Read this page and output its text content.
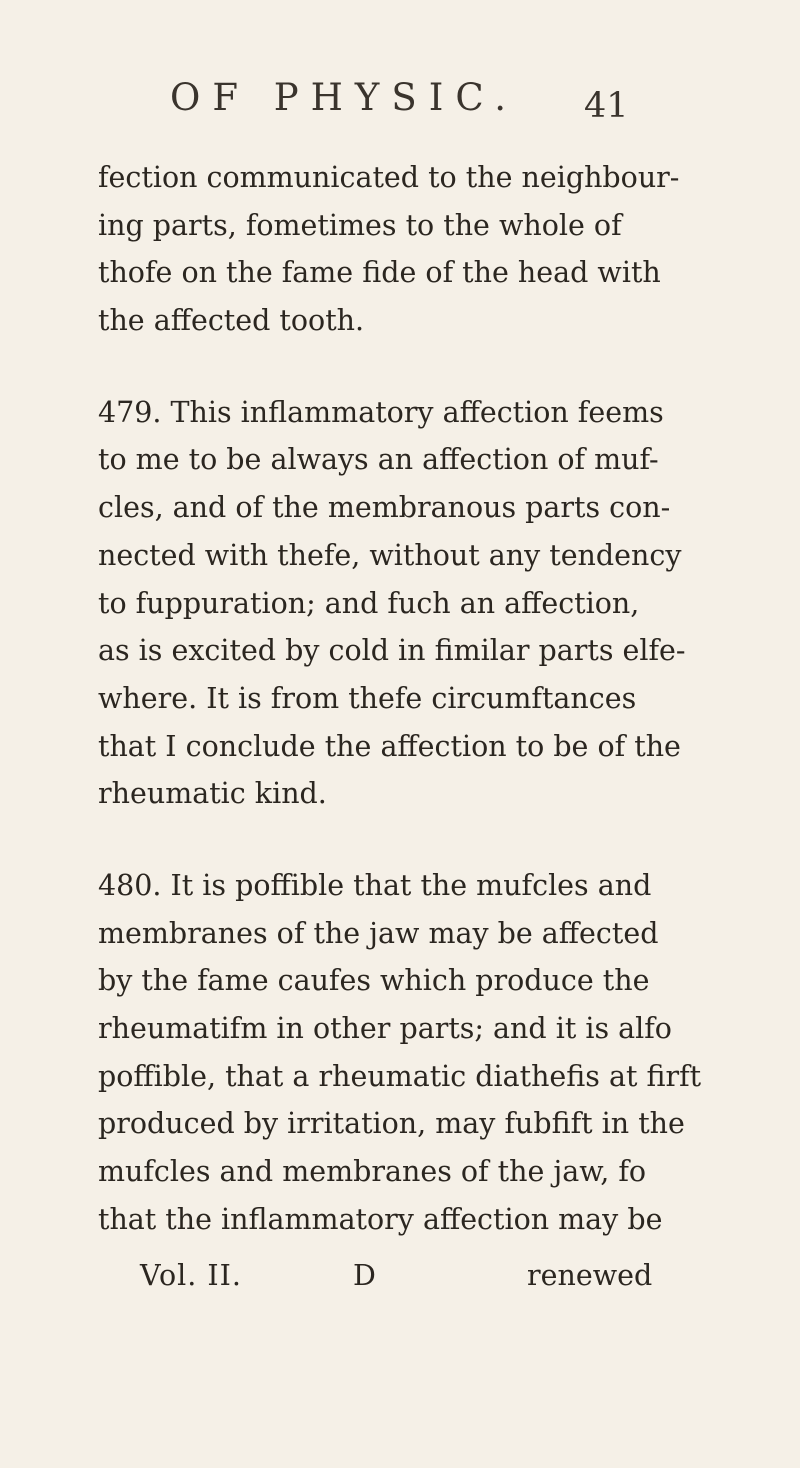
OF PHYSIC. 41
fection communicated to the neighbour-
ing parts, fometimes to the whole of
thofe on the fame fide of the head with
the affected tooth.
479. This inflammatory affection feems
to me to be always an affection of muf-
cles, and of the membranous parts con-
nected with thefe, without any tendency
to fuppuration; and fuch an affection,
as is excited by cold in fimilar parts elfe-
where. It is from thefe circumftances
that I conclude the affection to be of the
rheumatic kind.
480. It is poffible that the mufcles and
membranes of the jaw may be affected
by the fame caufes which produce the
rheumatifm in other parts; and it is alfo
poffible, that a rheumatic diathefis at firft
produced by irritation, may fubfift in the
mufcles and membranes of the jaw, fo
that the inflammatory affection may be
Vol. II.	D	renewed
